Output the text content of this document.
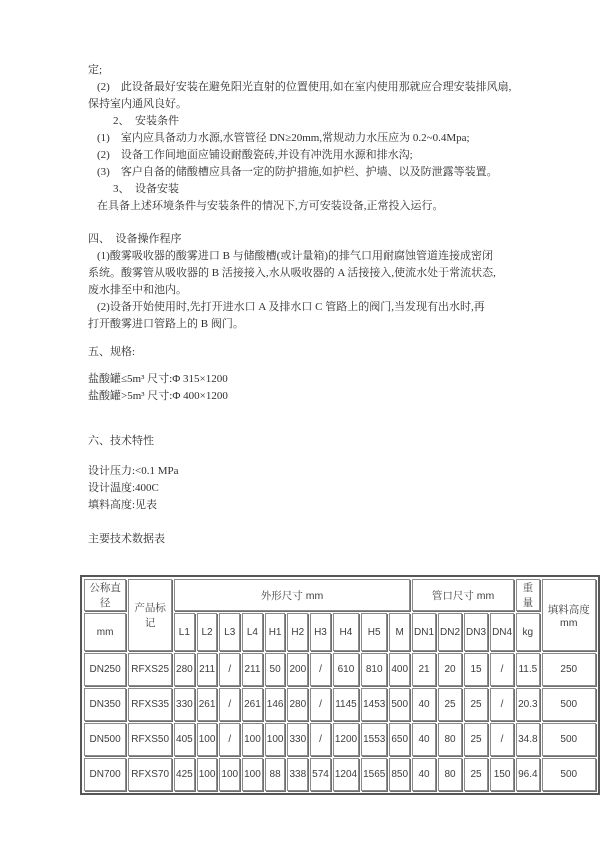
定;
(2)　此设备最好安装在避免阳光直射的位置使用,如在室内使用那就应合理安装排风扇,
保持室内通风良好。
2、　安装条件
(1)　室内应具备动力水源,水管管径 DN≥20mm,常规动力水压应为 0.2~0.4Mpa;
(2)　设备工作间地面应铺设耐酸瓷砖,并设有冲洗用水源和排水沟;
(3)　客户自备的储酸槽应具备一定的防护措施,如护栏、护墙、以及防泄露等装置。
3、　设备安装
在具备上述环境条件与安装条件的情况下,方可安装设备,正常投入运行。
四、　设备操作程序
(1)酸雾吸收器的酸雾进口 B 与储酸槽(或计量箱)的排气口用耐腐蚀管道连接成密闭
系统。酸雾管从吸收器的 B 活接接入,水从吸收器的 A 活接接入,使流水处于常流状态,
废水排至中和池内。
(2)设备开始使用时,先打开进水口 A 及排水口 C 管路上的阀门,当发现有出水时,再
打开酸雾进口管路上的 B 阀门。
五、规格:
盐酸罐≤5m³ 尺寸:Φ 315×1200
盐酸罐>5m³ 尺寸:Φ 400×1200
六、技术特性
设计压力:<0.1 MPa
设计温度:400C
填料高度:见表
主要技术数据表
公称直径	产品标记	外形尺寸 mm										管口尺寸 mm				重量	填料高度 mm
mm		L1	L2	L3	L4	H1	H2	H3	H4	H5	M	DN1	DN2	DN3	DN4	kg	
DN250	RFXS25	280	211	/	211	50	200	/	610	810	400	21	20	15	/	11.5	250
DN350	RFXS35	330	261	/	261	146	280	/	1145	1453	500	40	25	25	/	20.3	500
DN500	RFXS50	405	100	/	100	100	330	/	1200	1553	650	40	80	25	/	34.8	500
DN700	RFXS70	425	100	100	100	88	338	574	1204	1565	850	40	80	25	150	96.4	500
